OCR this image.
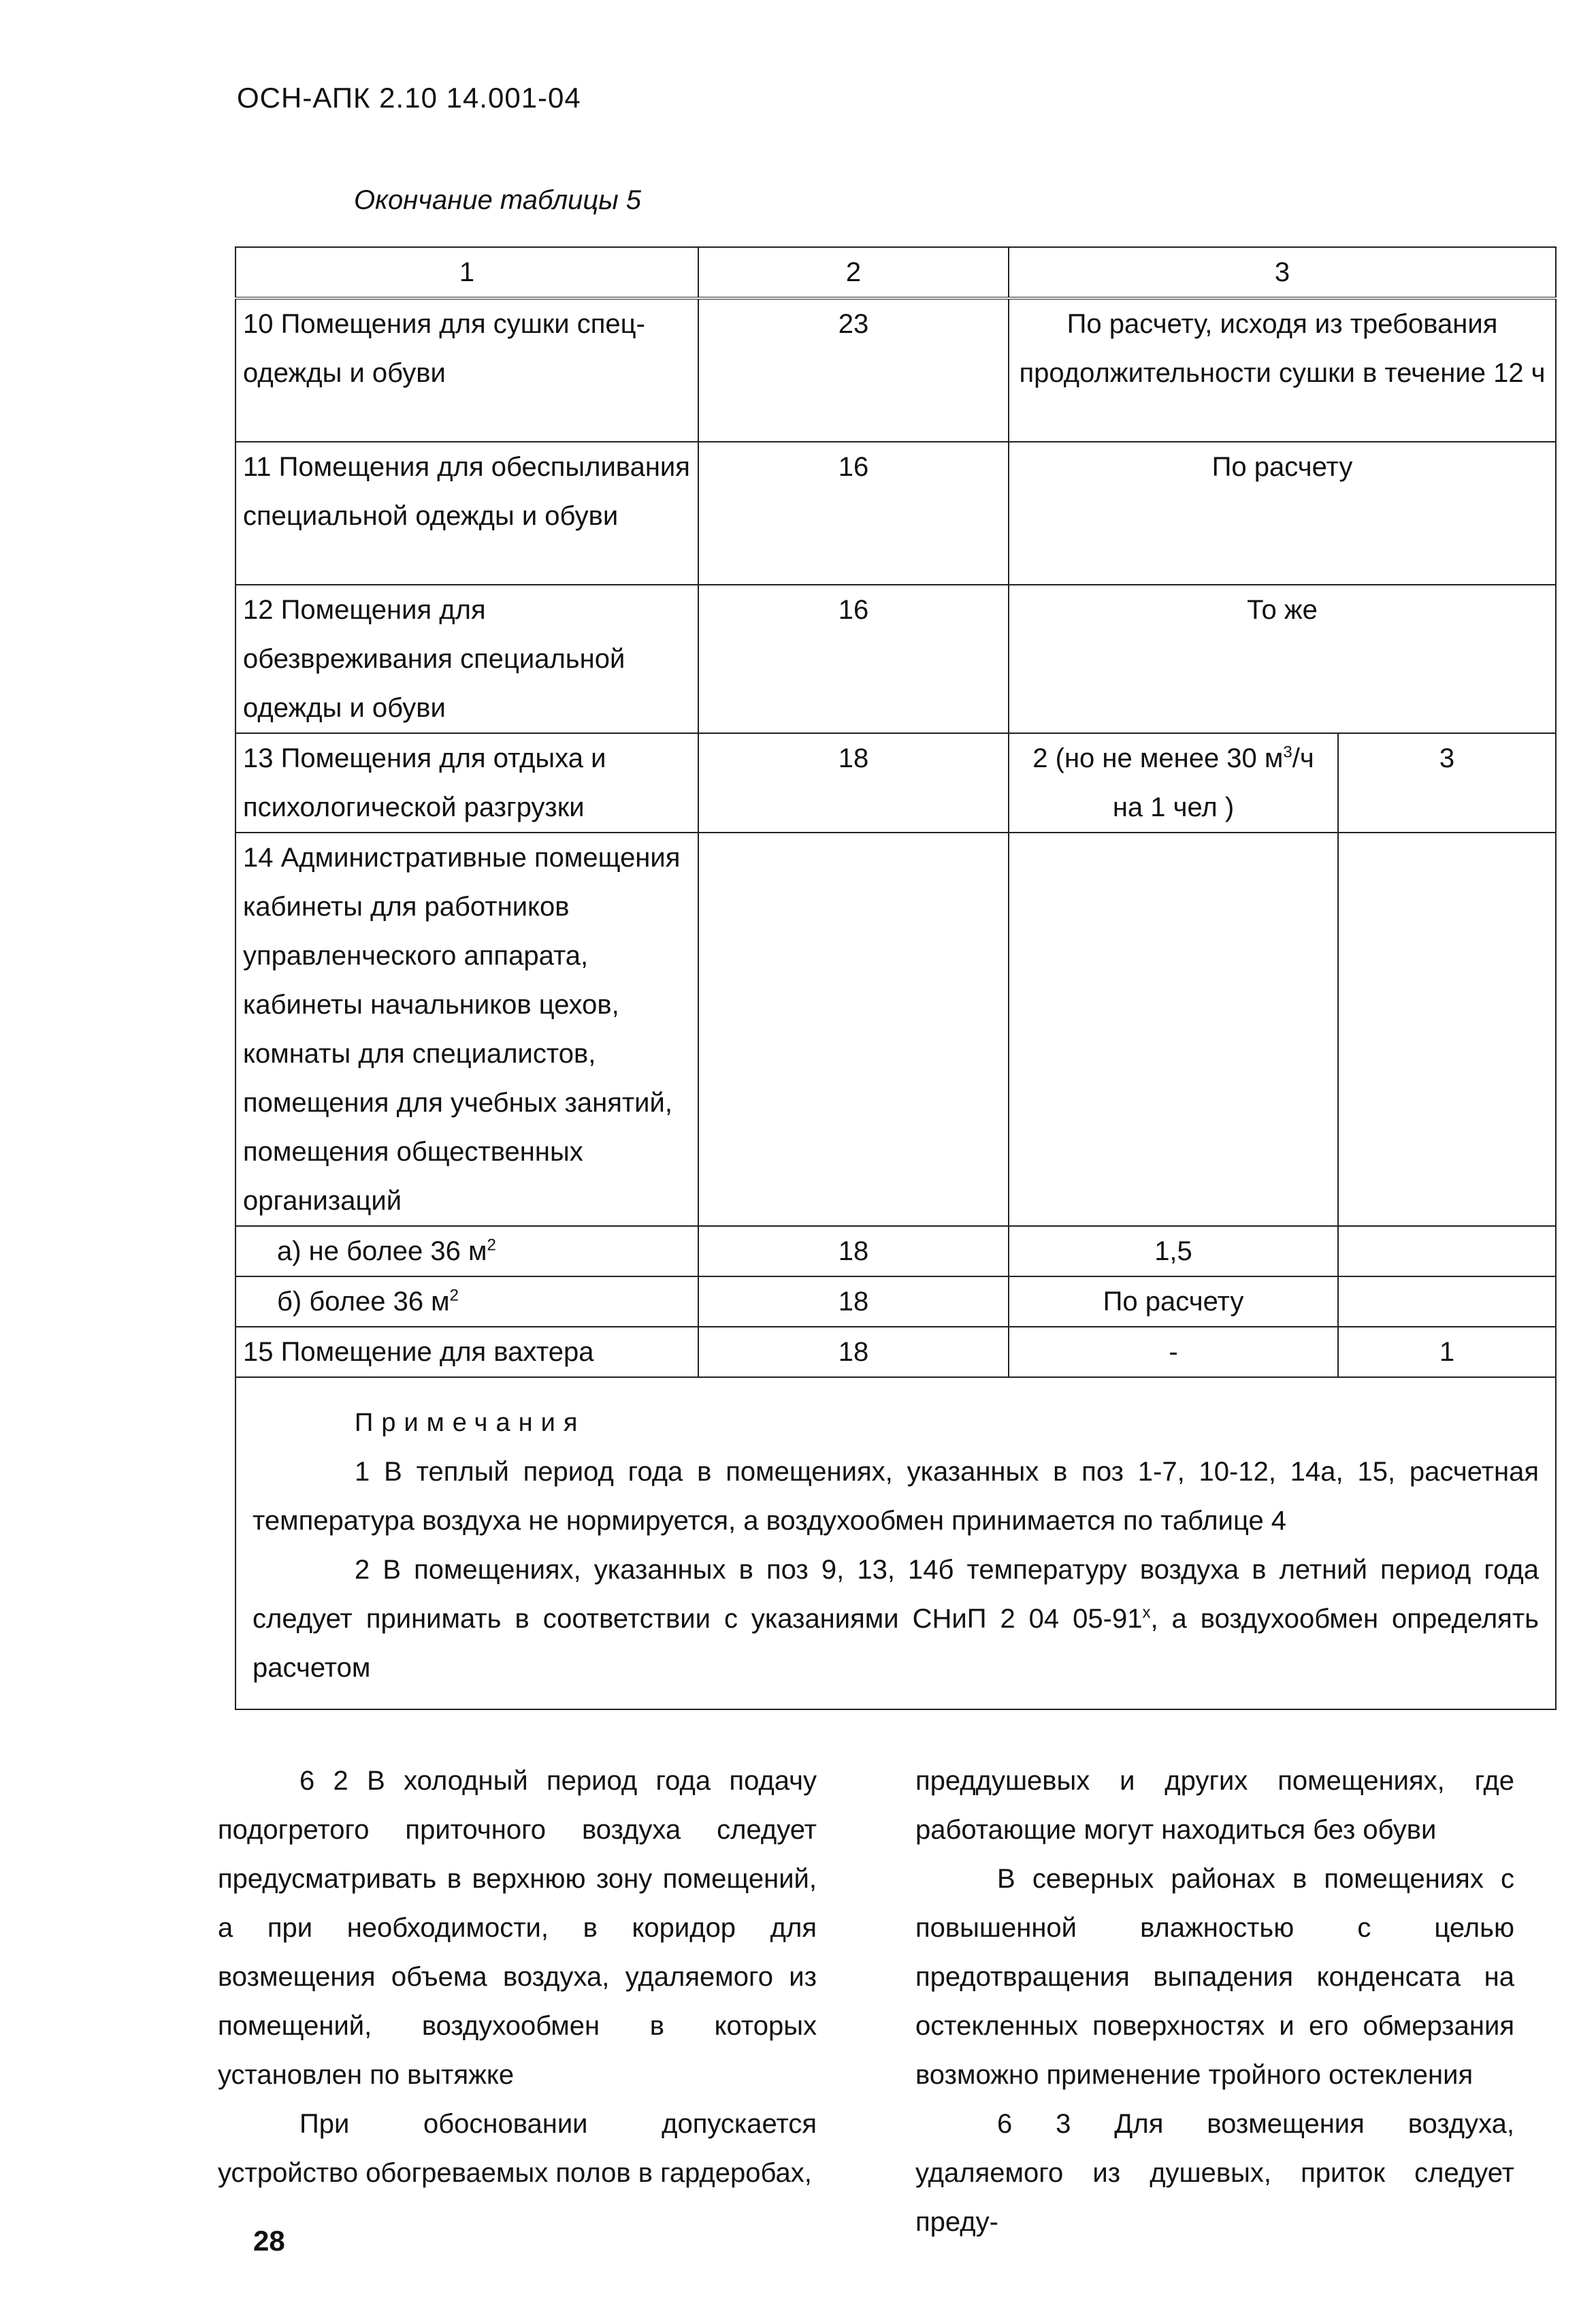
ОСН-АПК 2.10 14.001-04
Окончание таблицы 5
1	2	3	
10 Помещения для сушки спец-одежды и обуви	23	По расчету, исходя из требования продолжительности сушки в течение 12 ч	
11 Помещения для обеспыливания специальной одежды и обуви	16	По расчету	
12 Помещения для обезвреживания специальной одежды и обуви	16	То же	
13 Помещения для отдыха и психологической разгрузки	18	2 (но не менее 30 $м^3/ч$ на 1 чел )	3
14 Административные помещения кабинеты для работников управленческого аппарата, кабинеты начальников цехов, комнаты для специалистов, помещения для учебных занятий, помещения общественных организаций			
а) не более 36 $м^2$	18	1,5	
б) более 36 $м^2$	18	По расчету	
15 Помещение для вахтера	18	-	1

Примечания
1 В теплый период года в помещениях, указанных в поз 1-7, 10-12, 14а, 15, расчетная температура воздуха не нормируется, а воздухообмен принимается по таблице 4
2 В помещениях, указанных в поз 9, 13, 14б температуру воздуха в летний период года следует принимать в соответствии с указаниями СНиП 2 04 $05-91^х$, а воздухообмен определять расчетом			

6 2 В холодный период года подачу подогретого приточного воздуха следует предусматривать в верхнюю зону помещений, а при необходимости, в коридор для возмещения объема воздуха, удаляемого из помещений, воздухообмен в которых установлен по вытяжке

При обосновании допускается устройство обогреваемых полов в гардеробах,

преддушевых и других помещениях, где работающие могут находиться без обуви

В северных районах в помещениях с повышенной влажностью с целью предотвращения выпадения конденсата на остекленных поверхностях и его обмерзания возможно применение тройного остекления

6 3 Для возмещения воздуха, удаляемого из душевых, приток следует преду-

28
